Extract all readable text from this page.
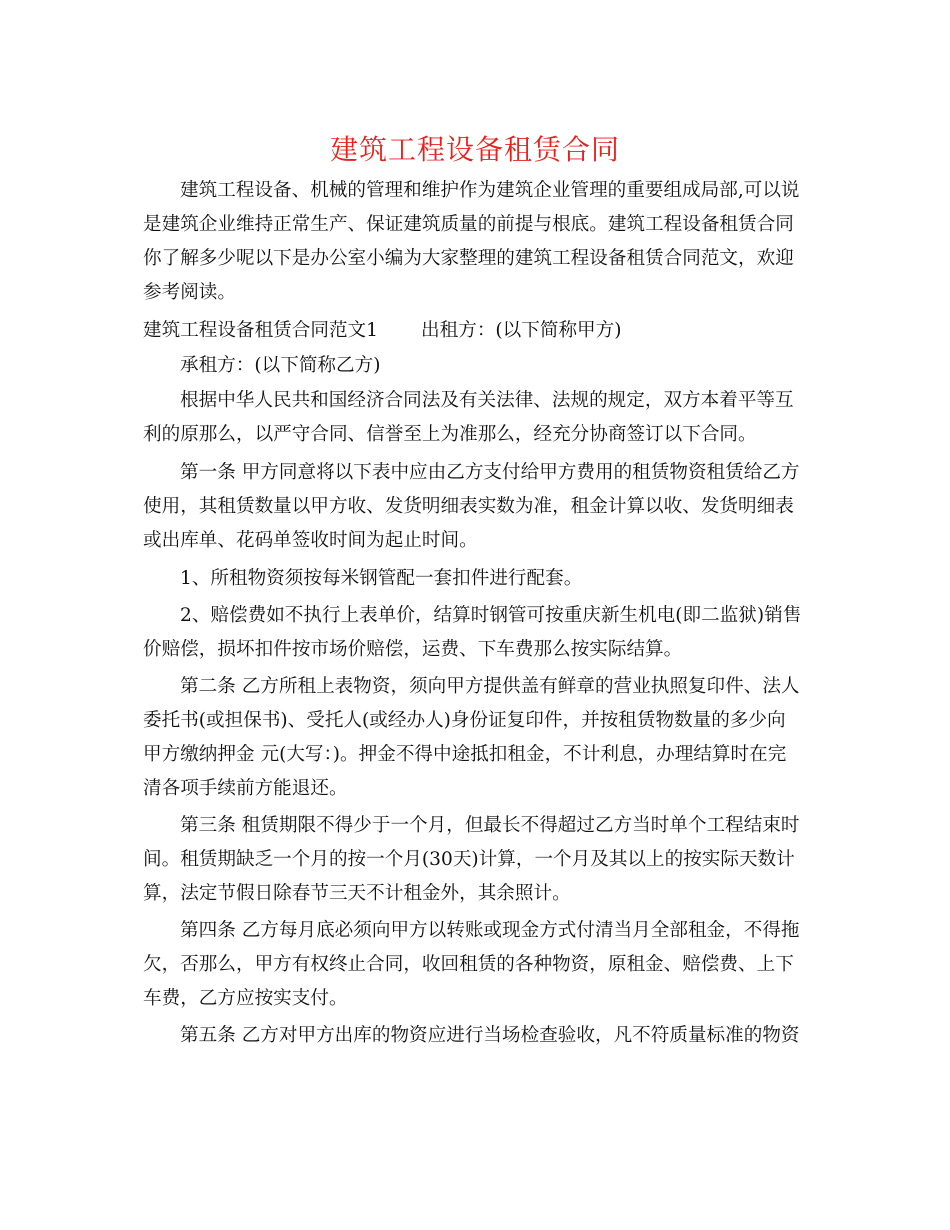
建筑工程设备租赁合同
建筑工程设备、机械的管理和维护作为建筑企业管理的重要组成局部,可以说
是建筑企业维持正常生产、保证建筑质量的前提与根底。建筑工程设备租赁合同
你了解多少呢以下是办公室小编为大家整理的建筑工程设备租赁合同范文，欢迎
参考阅读。
建筑工程设备租赁合同范文1　　 出租方：(以下简称甲方)
承租方：(以下简称乙方)
根据中华人民共和国经济合同法及有关法律、法规的规定，双方本着平等互
利的原那么，以严守合同、信誉至上为准那么，经充分协商签订以下合同。
第一条 甲方同意将以下表中应由乙方支付给甲方费用的租赁物资租赁给乙方
使用，其租赁数量以甲方收、发货明细表实数为准，租金计算以收、发货明细表
或出库单、花码单签收时间为起止时间。
1、所租物资须按每米钢管配一套扣件进行配套。
2、赔偿费如不执行上表单价，结算时钢管可按重庆新生机电(即二监狱)销售
价赔偿，损坏扣件按市场价赔偿，运费、下车费那么按实际结算。
第二条 乙方所租上表物资，须向甲方提供盖有鲜章的营业执照复印件、法人
委托书(或担保书)、受托人(或经办人)身份证复印件，并按租赁物数量的多少向
甲方缴纳押金 元(大写：)。押金不得中途抵扣租金，不计利息，办理结算时在完
清各项手续前方能退还。
第三条 租赁期限不得少于一个月，但最长不得超过乙方当时单个工程结束时
间。租赁期缺乏一个月的按一个月(30天)计算，一个月及其以上的按实际天数计
算，法定节假日除春节三天不计租金外，其余照计。
第四条 乙方每月底必须向甲方以转账或现金方式付清当月全部租金，不得拖
欠，否那么，甲方有权终止合同，收回租赁的各种物资，原租金、赔偿费、上下
车费，乙方应按实支付。
第五条 乙方对甲方出库的物资应进行当场检查验收，凡不符质量标准的物资
